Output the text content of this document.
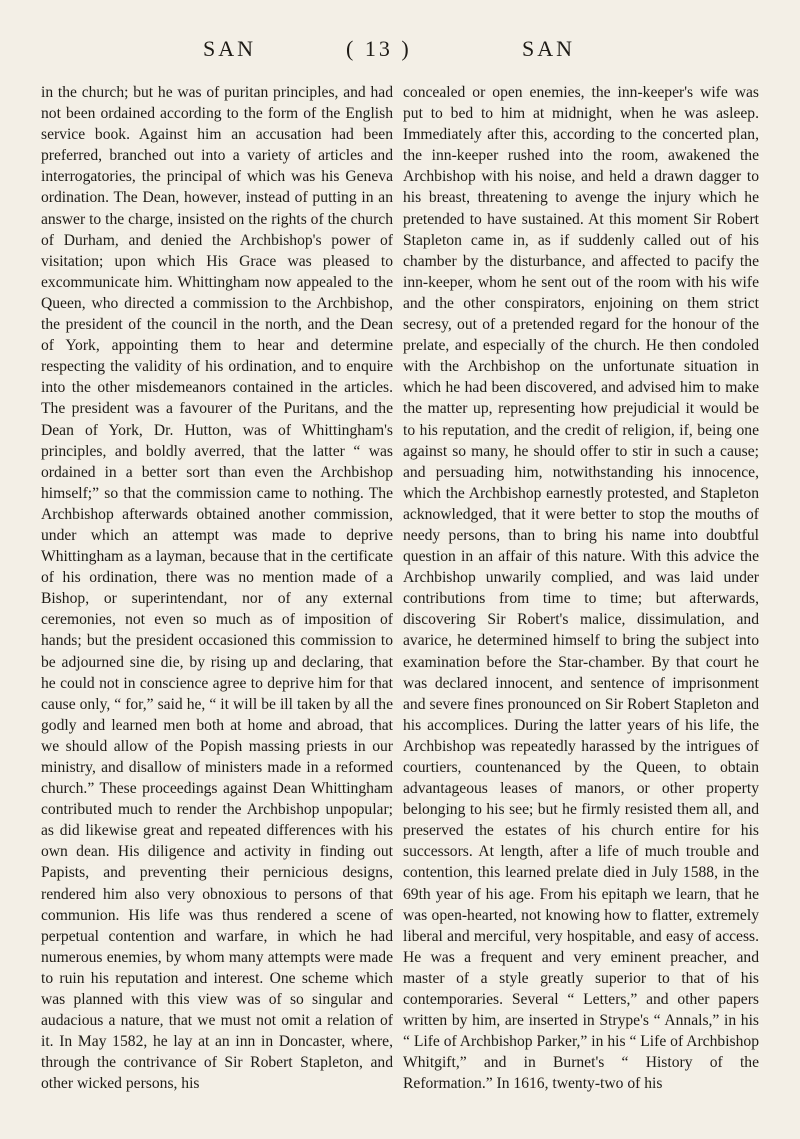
SAN	( 13 )	SAN

in the church; but he was of puritan principles, and had not been ordained according to the form of the English service book. Against him an accusation had been preferred, branched out into a variety of articles and interrogatories, the principal of which was his Geneva ordination. The Dean, however, instead of putting in an answer to the charge, insisted on the rights of the church of Durham, and denied the Archbishop's power of visitation; upon which His Grace was pleased to excommunicate him. Whittingham now appealed to the Queen, who directed a commission to the Archbishop, the president of the council in the north, and the Dean of York, appointing them to hear and determine respecting the validity of his ordination, and to enquire into the other misdemeanors contained in the articles. The president was a favourer of the Puritans, and the Dean of York, Dr. Hutton, was of Whittingham's principles, and boldly averred, that the latter “ was ordained in a better sort than even the Archbishop himself;” so that the commission came to nothing. The Archbishop afterwards obtained another commission, under which an attempt was made to deprive Whittingham as a layman, because that in the certificate of his ordination, there was no mention made of a Bishop, or superintendant, nor of any external ceremonies, not even so much as of imposition of hands; but the president occasioned this commission to be adjourned sine die, by rising up and declaring, that he could not in conscience agree to deprive him for that cause only, “ for,” said he, “ it will be ill taken by all the godly and learned men both at home and abroad, that we should allow of the Popish massing priests in our ministry, and disallow of ministers made in a reformed church.” These proceedings against Dean Whittingham contributed much to render the Archbishop unpopular; as did likewise great and repeated differences with his own dean. His diligence and activity in finding out Papists, and preventing their pernicious designs, rendered him also very obnoxious to persons of that communion. His life was thus rendered a scene of perpetual contention and warfare, in which he had numerous enemies, by whom many attempts were made to ruin his reputation and interest. One scheme which was planned with this view was of so singular and audacious a nature, that we must not omit a relation of it. In May 1582, he lay at an inn in Doncaster, where, through the contrivance of Sir Robert Stapleton, and other wicked persons, his

concealed or open enemies, the inn-keeper's wife was put to bed to him at midnight, when he was asleep. Immediately after this, according to the concerted plan, the inn-keeper rushed into the room, awakened the Archbishop with his noise, and held a drawn dagger to his breast, threatening to avenge the injury which he pretended to have sustained. At this moment Sir Robert Stapleton came in, as if suddenly called out of his chamber by the disturbance, and affected to pacify the inn-keeper, whom he sent out of the room with his wife and the other conspirators, enjoining on them strict secresy, out of a pretended regard for the honour of the prelate, and especially of the church. He then condoled with the Archbishop on the unfortunate situation in which he had been discovered, and advised him to make the matter up, representing how prejudicial it would be to his reputation, and the credit of religion, if, being one against so many, he should offer to stir in such a cause; and persuading him, notwithstanding his innocence, which the Archbishop earnestly protested, and Stapleton acknowledged, that it were better to stop the mouths of needy persons, than to bring his name into doubtful question in an affair of this nature. With this advice the Archbishop unwarily complied, and was laid under contributions from time to time; but afterwards, discovering Sir Robert's malice, dissimulation, and avarice, he determined himself to bring the subject into examination before the Star-chamber. By that court he was declared innocent, and sentence of imprisonment and severe fines pronounced on Sir Robert Stapleton and his accomplices. During the latter years of his life, the Archbishop was repeatedly harassed by the intrigues of courtiers, countenanced by the Queen, to obtain advantageous leases of manors, or other property belonging to his see; but he firmly resisted them all, and preserved the estates of his church entire for his successors. At length, after a life of much trouble and contention, this learned prelate died in July 1588, in the 69th year of his age. From his epitaph we learn, that he was open-hearted, not knowing how to flatter, extremely liberal and merciful, very hospitable, and easy of access. He was a frequent and very eminent preacher, and master of a style greatly superior to that of his contemporaries. Several “ Letters,” and other papers written by him, are inserted in Strype's “ Annals,” in his “ Life of Archbishop Parker,” in his “ Life of Archbishop Whitgift,” and in Burnet's “ History of the Reformation.” In 1616, twenty-two of his
